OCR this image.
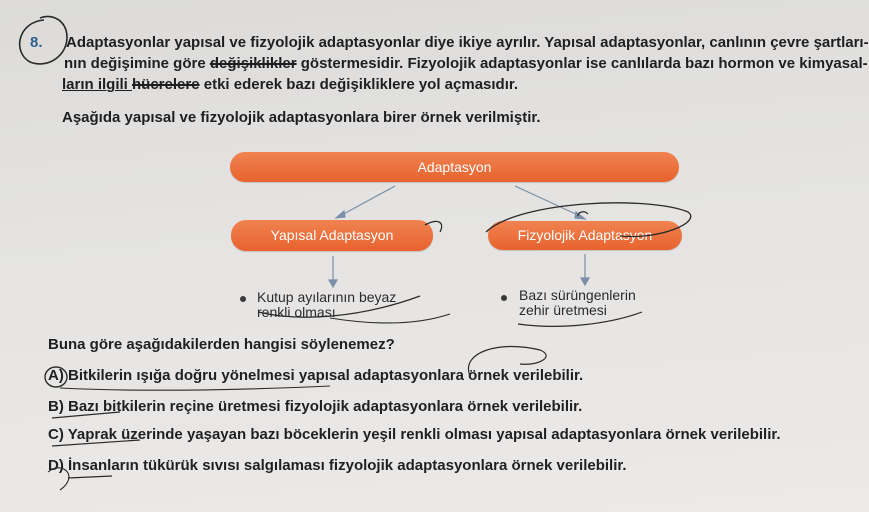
8. Adaptasyonlar yapısal ve fizyolojik adaptasyonlar diye ikiye ayrılır. Yapısal adaptasyonlar, canlının çevre şartları-
nın değişimine göre değişiklikler göstermesidir. Fizyolojik adaptasyonlar ise canlılarda bazı hormon ve kimyasal-
ların ilgili hücrelere etki ederek bazı değişikliklere yol açmasıdır.
Aşağıda yapısal ve fizyolojik adaptasyonlara birer örnek verilmiştir.
Adaptasyon
Yapısal Adaptasyon	Fizyolojik Adaptasyon
Kutup ayılarının beyaz
renkli olması
Bazı sürüngenlerin
zehir üretmesi
Buna göre aşağıdakilerden hangisi söylenemez?
A) Bitkilerin ışığa doğru yönelmesi yapısal adaptasyonlara örnek verilebilir.
B) Bazı bitkilerin reçine üretmesi fizyolojik adaptasyonlara örnek verilebilir.
C) Yaprak üzerinde yaşayan bazı böceklerin yeşil renkli olması yapısal adaptasyonlara örnek verilebilir.
D) İnsanların tükürük sıvısı salgılaması fizyolojik adaptasyonlara örnek verilebilir.
